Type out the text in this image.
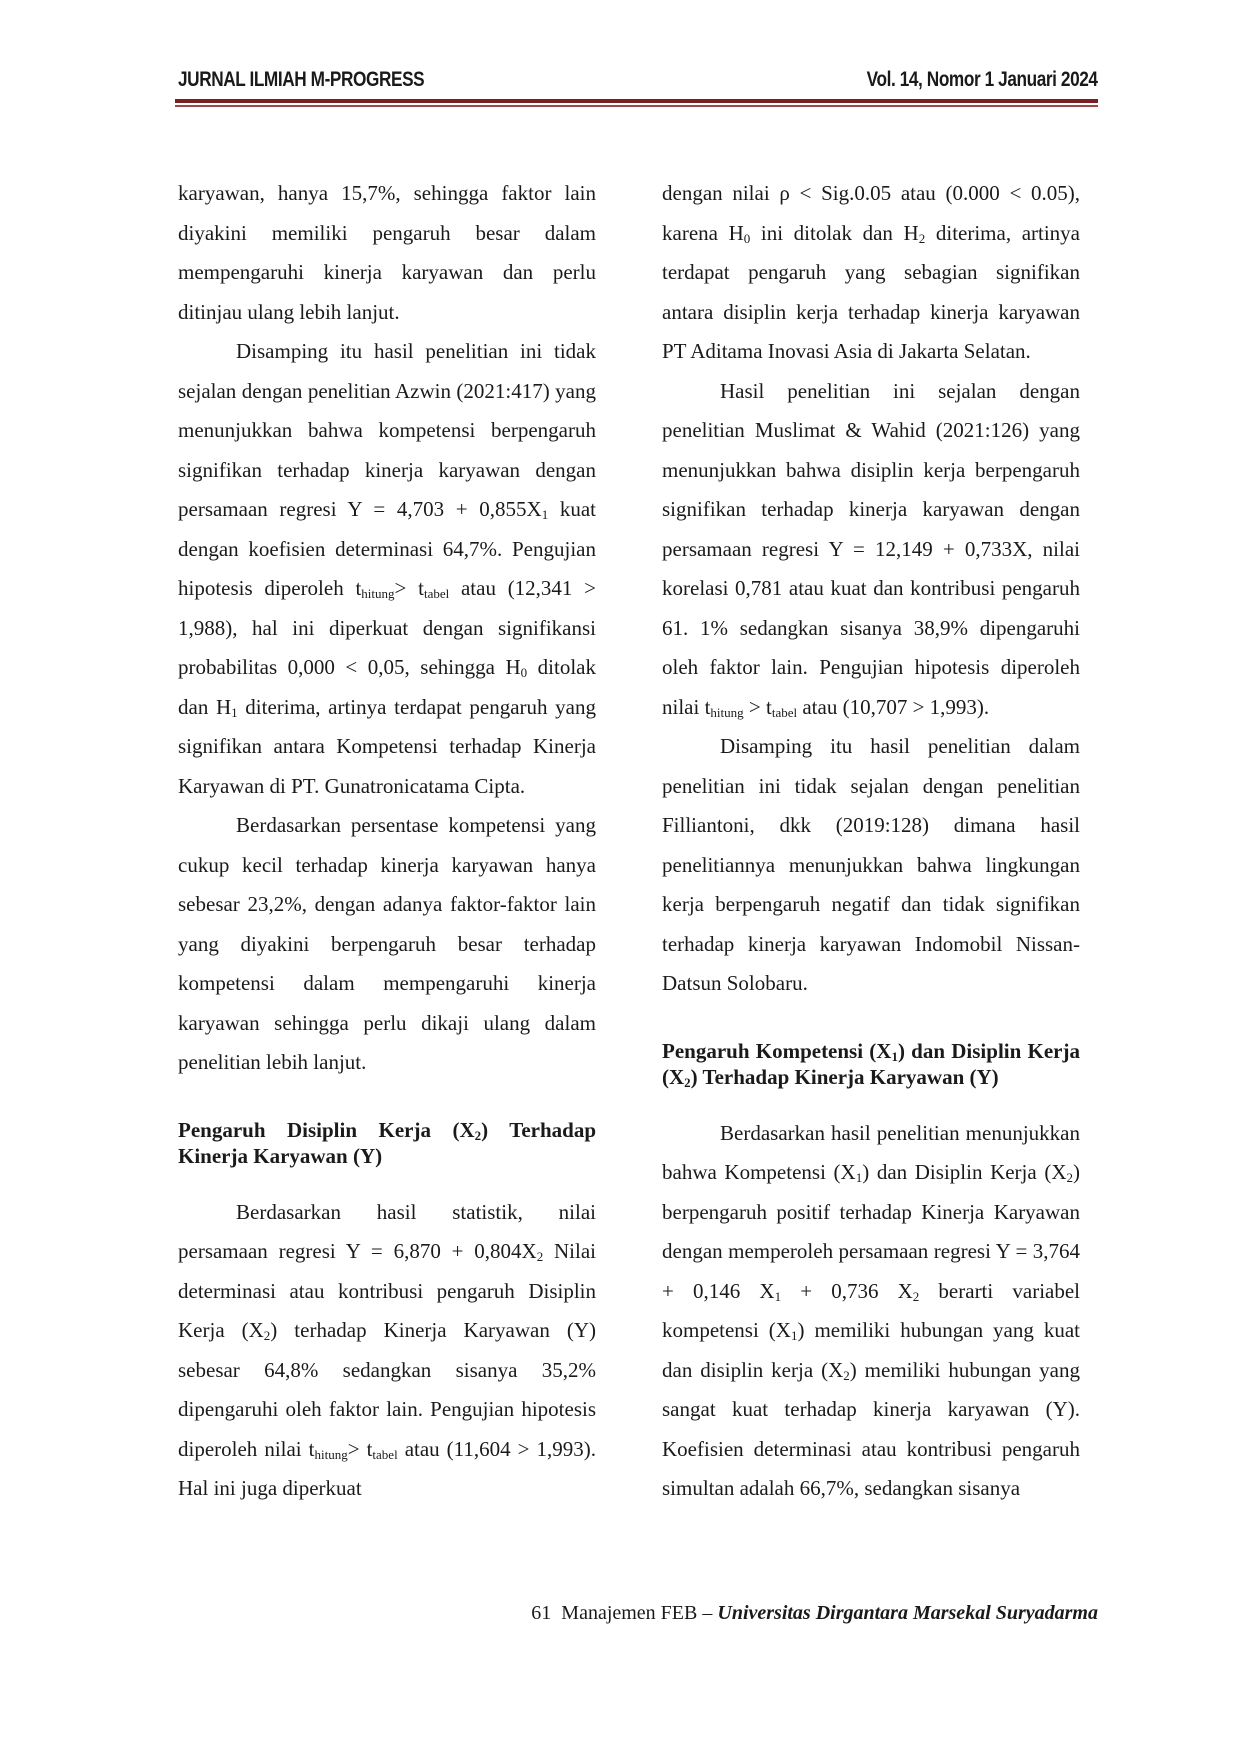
JURNAL ILMIAH M-PROGRESS	Vol. 14, Nomor 1 Januari 2024

karyawan, hanya 15,7%, sehingga faktor lain diyakini memiliki pengaruh besar dalam mempengaruhi kinerja karyawan dan perlu ditinjau ulang lebih lanjut.

Disamping itu hasil penelitian ini tidak sejalan dengan penelitian Azwin (2021:417) yang menunjukkan bahwa kompetensi berpengaruh signifikan terhadap kinerja karyawan dengan persamaan regresi $Y = 4,703 + 0,855X_1$ kuat dengan koefisien determinasi 64,7%. Pengujian hipotesis diperoleh $t_{hitung}> t_{tabel}$ atau (12,341 > 1,988), hal ini diperkuat dengan signifikansi probabilitas 0,000 < 0,05, sehingga $H_0$ ditolak dan $H_1$ diterima, artinya terdapat pengaruh yang signifikan antara Kompetensi terhadap Kinerja Karyawan di PT. Gunatronicatama Cipta.

Berdasarkan persentase kompetensi yang cukup kecil terhadap kinerja karyawan hanya sebesar 23,2%, dengan adanya faktor-faktor lain yang diyakini berpengaruh besar terhadap kompetensi dalam mempengaruhi kinerja karyawan sehingga perlu dikaji ulang dalam penelitian lebih lanjut.

Pengaruh Disiplin Kerja $(X_2)$ Terhadap Kinerja Karyawan (Y)

Berdasarkan hasil statistik, nilai persamaan regresi $Y = 6,870 + 0,804X_2$ Nilai determinasi atau kontribusi pengaruh Disiplin Kerja $(X_2)$ terhadap Kinerja Karyawan (Y) sebesar 64,8% sedangkan sisanya 35,2% dipengaruhi oleh faktor lain. Pengujian hipotesis diperoleh nilai $t_{hitung}> t_{tabel}$ atau (11,604 > 1,993). Hal ini juga diperkuat

dengan nilai ρ < Sig.0.05 atau (0.000 < 0.05), karena $H_0$ ini ditolak dan $H_2$ diterima, artinya terdapat pengaruh yang sebagian signifikan antara disiplin kerja terhadap kinerja karyawan PT Aditama Inovasi Asia di Jakarta Selatan.

Hasil penelitian ini sejalan dengan penelitian Muslimat & Wahid (2021:126) yang menunjukkan bahwa disiplin kerja berpengaruh signifikan terhadap kinerja karyawan dengan persamaan regresi Y = 12,149 + 0,733X, nilai korelasi 0,781 atau kuat dan kontribusi pengaruh 61. 1% sedangkan sisanya 38,9% dipengaruhi oleh faktor lain. Pengujian hipotesis diperoleh nilai $t_{hitung} > t_{tabel}$ atau (10,707 > 1,993).

Disamping itu hasil penelitian dalam penelitian ini tidak sejalan dengan penelitian Filliantoni, dkk (2019:128) dimana hasil penelitiannya menunjukkan bahwa lingkungan kerja berpengaruh negatif dan tidak signifikan terhadap kinerja karyawan Indomobil Nissan-Datsun Solobaru.

Pengaruh Kompetensi $(X_1)$ dan Disiplin Kerja $(X_2)$ Terhadap Kinerja Karyawan (Y)

Berdasarkan hasil penelitian menunjukkan bahwa Kompetensi $(X_1)$ dan Disiplin Kerja $(X_2)$ berpengaruh positif terhadap Kinerja Karyawan dengan memperoleh persamaan regresi Y = 3,764 + 0,146 $X_1 + 0,736$ $X_2$ berarti variabel kompetensi $(X_1)$ memiliki hubungan yang kuat dan disiplin kerja $(X_2)$ memiliki hubungan yang sangat kuat terhadap kinerja karyawan (Y). Koefisien determinasi atau kontribusi pengaruh simultan adalah 66,7%, sedangkan sisanya

61 Manajemen FEB – Universitas Dirgantara Marsekal Suryadarma
